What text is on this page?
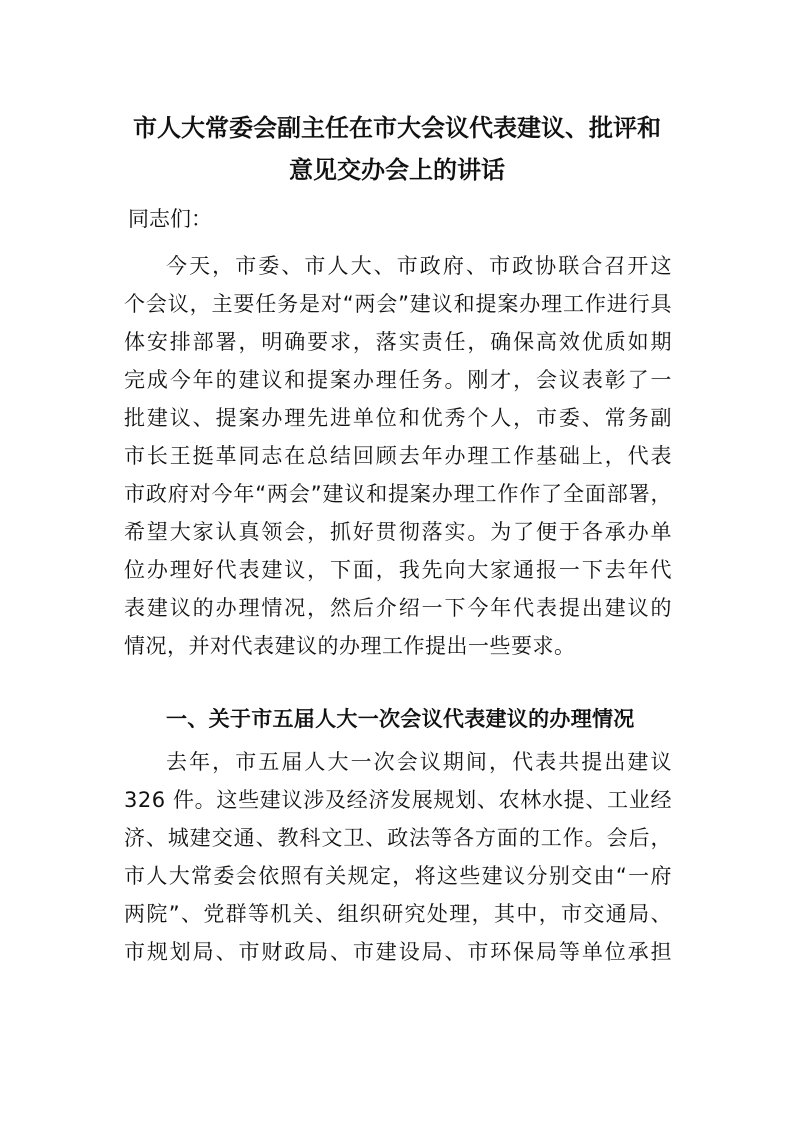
市人大常委会副主任在市大会议代表建议、批评和
意见交办会上的讲话
同志们：
今天，市委、市人大、市政府、市政协联合召开这
个会议，主要任务是对“两会”建议和提案办理工作进行具
体安排部署，明确要求，落实责任，确保高效优质如期
完成今年的建议和提案办理任务。刚才，会议表彰了一
批建议、提案办理先进单位和优秀个人，市委、常务副
市长王挺革同志在总结回顾去年办理工作基础上，代表
市政府对今年“两会”建议和提案办理工作作了全面部署，
希望大家认真领会，抓好贯彻落实。为了便于各承办单
位办理好代表建议，下面，我先向大家通报一下去年代
表建议的办理情况，然后介绍一下今年代表提出建议的
情况，并对代表建议的办理工作提出一些要求。
一、关于市五届人大一次会议代表建议的办理情况
去年，市五届人大一次会议期间，代表共提出建议
326 件。这些建议涉及经济发展规划、农林水提、工业经
济、城建交通、教科文卫、政法等各方面的工作。会后，
市人大常委会依照有关规定，将这些建议分别交由“一府
两院”、党群等机关、组织研究处理，其中，市交通局、
市规划局、市财政局、市建设局、市环保局等单位承担
